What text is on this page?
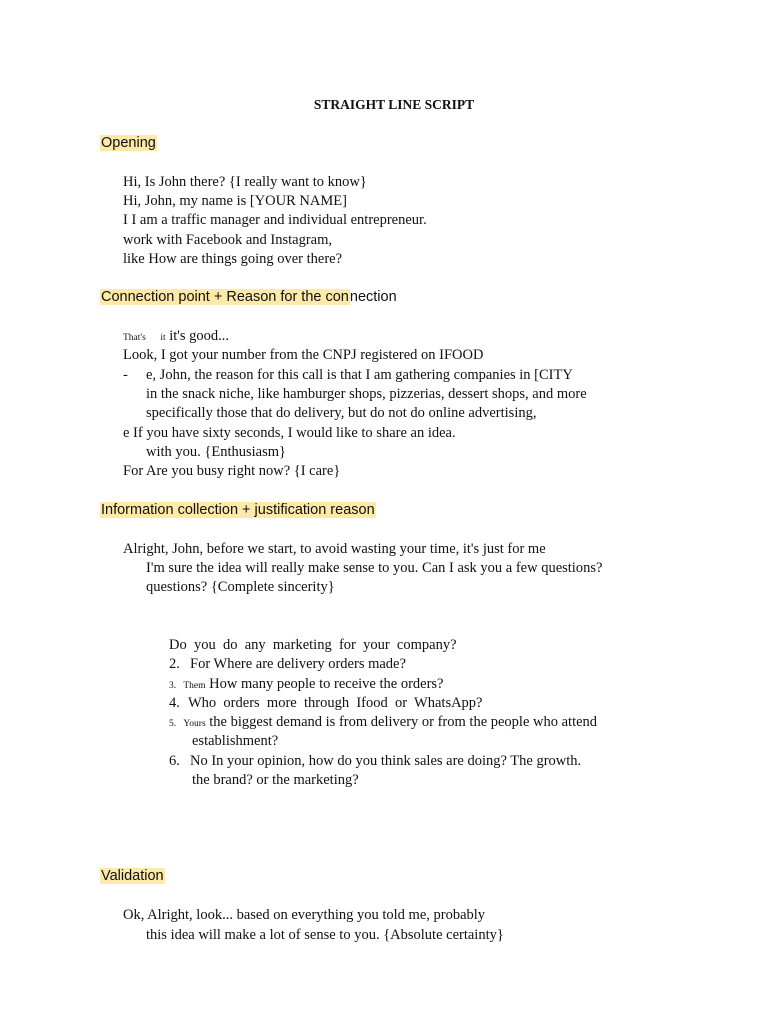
STRAIGHT LINE SCRIPT
Opening
Hi, Is John there? {I really want to know}
Hi, John, my name is [YOUR NAME]
I I am a traffic manager and individual entrepreneur.
work with Facebook and Instagram,
like How are things going over there?
Connection point + Reason for the connection
That's it it's good...
Look, I got your number from the CNPJ registered on IFOOD
- e, John, the reason for this call is that I am gathering companies in [CITY
in the snack niche, like hamburger shops, pizzerias, dessert shops, and more
specifically those that do delivery, but do not do online advertising,
e If you have sixty seconds, I would like to share an idea.
with you. {Enthusiasm}
For Are you busy right now? {I care}
Information collection + justification reason
Alright, John, before we start, to avoid wasting your time, it's just for me
I'm sure the idea will really make sense to you. Can I ask you a few questions?
questions? {Complete sincerity}
Do  you  do  any  marketing  for  your  company?
2. For Where are delivery orders made?
3. Them How many people to receive the orders?
4. Who  orders  more  through  Ifood  or  WhatsApp?
5. Yours the biggest demand is from delivery or from the people who attend
establishment?
6. No In your opinion, how do you think sales are doing? The growth.
the brand? or the marketing?
Validation
Ok, Alright, look... based on everything you told me, probably
this idea will make a lot of sense to you. {Absolute certainty}
